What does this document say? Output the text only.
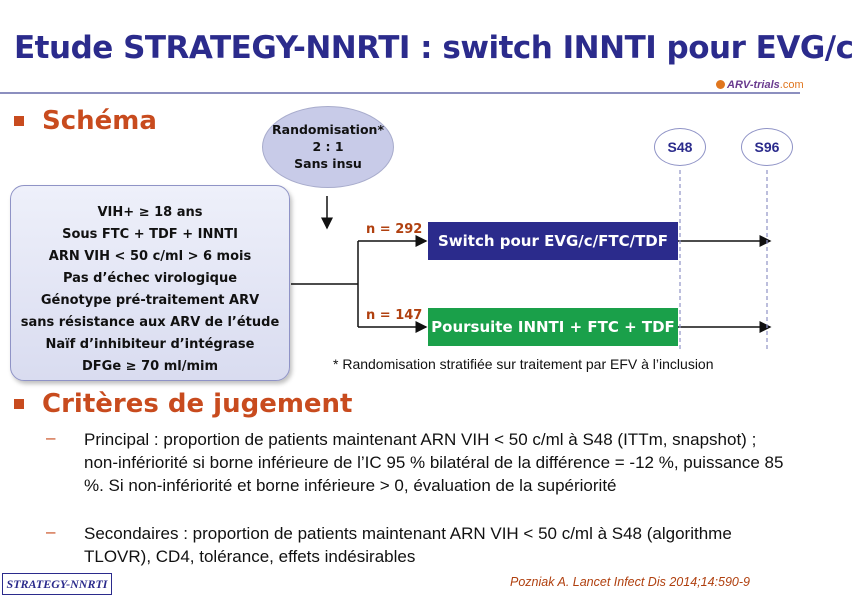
Etude STRATEGY-NNRTI : switch INNTI pour EVG/c
ARV-trials.com
Schéma	Randomisation*
2 : 1
Sans insu
VIH+ ≥ 18 ans
Sous FTC + TDF + INNTI
ARN VIH < 50 c/ml > 6 mois
Pas d’échec virologique
Génotype pré-traitement ARV
sans résistance aux ARV de l’étude
Naïf d’inhibiteur d’intégrase
DFGe ≥ 70 ml/mim
n = 292
Switch pour EVG/c/FTC/TDF
n = 147
Poursuite INNTI + FTC + TDF
S48	S96
* Randomisation stratifiée sur traitement par EFV à l’inclusion
Critères de jugement
– Principal : proportion de patients maintenant ARN VIH < 50 c/ml à S48 (ITTm, snapshot) ; non-infériorité si borne inférieure de l’IC 95 % bilatéral de la différence = -12 %, puissance 85 %. Si non-infériorité et borne inférieure > 0, évaluation de la supériorité
– Secondaires : proportion de patients maintenant ARN VIH < 50 c/ml à S48 (algorithme TLOVR), CD4, tolérance, effets indésirables
STRATEGY-NNRTI	Pozniak A. Lancet Infect Dis 2014;14:590-9
